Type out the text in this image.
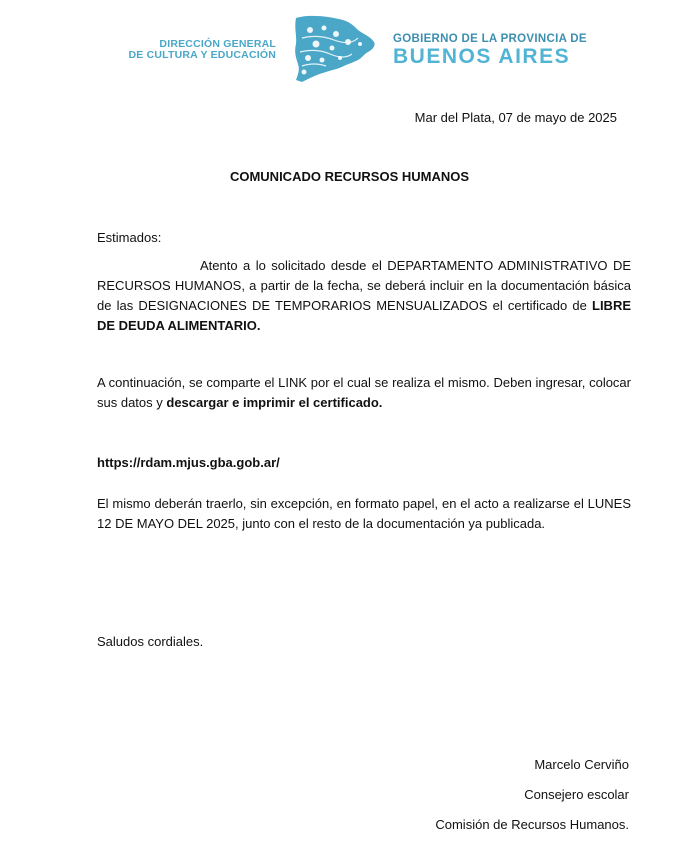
DIRECCIÓN GENERAL
DE CULTURA Y EDUCACIÓN
GOBIERNO DE LA PROVINCIA DE
BUENOS AIRES
Mar del Plata, 07 de mayo de 2025
COMUNICADO RECURSOS HUMANOS
Estimados:
Atento a lo solicitado desde el DEPARTAMENTO ADMINISTRATIVO DE RECURSOS HUMANOS, a partir de la fecha, se deberá incluir en la documentación básica de las DESIGNACIONES DE TEMPORARIOS MENSUALIZADOS el certificado de LIBRE DE DEUDA ALIMENTARIO.
A continuación, se comparte el LINK por el cual se realiza el mismo. Deben ingresar, colocar sus datos y descargar e imprimir el certificado.
https://rdam.mjus.gba.gob.ar/
El mismo deberán traerlo, sin excepción, en formato papel, en el acto a realizarse el LUNES 12 DE MAYO DEL 2025, junto con el resto de la documentación ya publicada.
Saludos cordiales.
Marcelo Cerviño
Consejero escolar
Comisión de Recursos Humanos.
